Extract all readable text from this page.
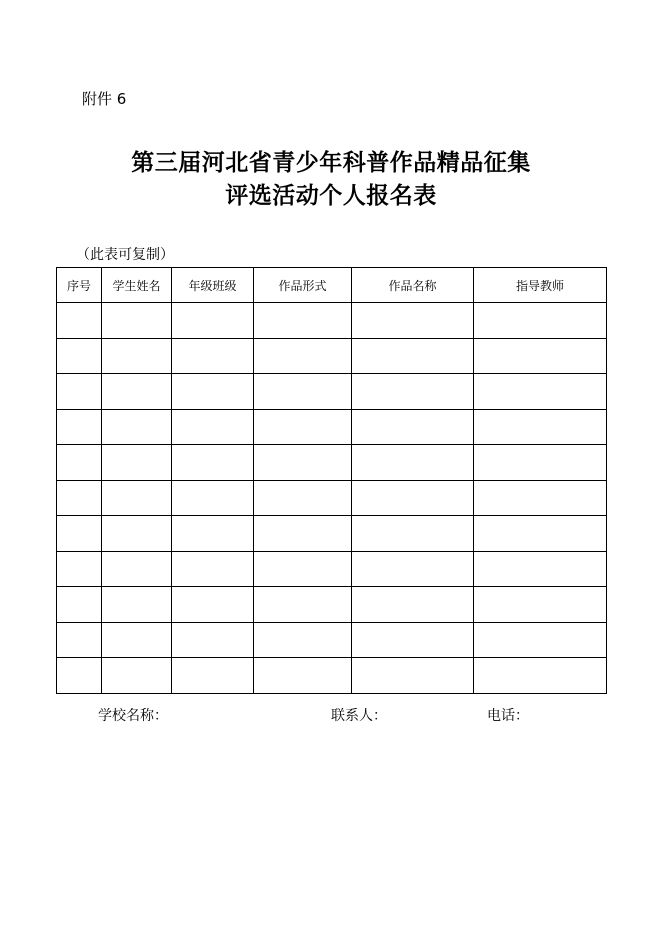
附件 6
第三届河北省青少年科普作品精品征集
评选活动个人报名表
（此表可复制）
序号	学生姓名	年级班级	作品形式	作品名称	指导教师

学校名称：	联系人：	电话：
